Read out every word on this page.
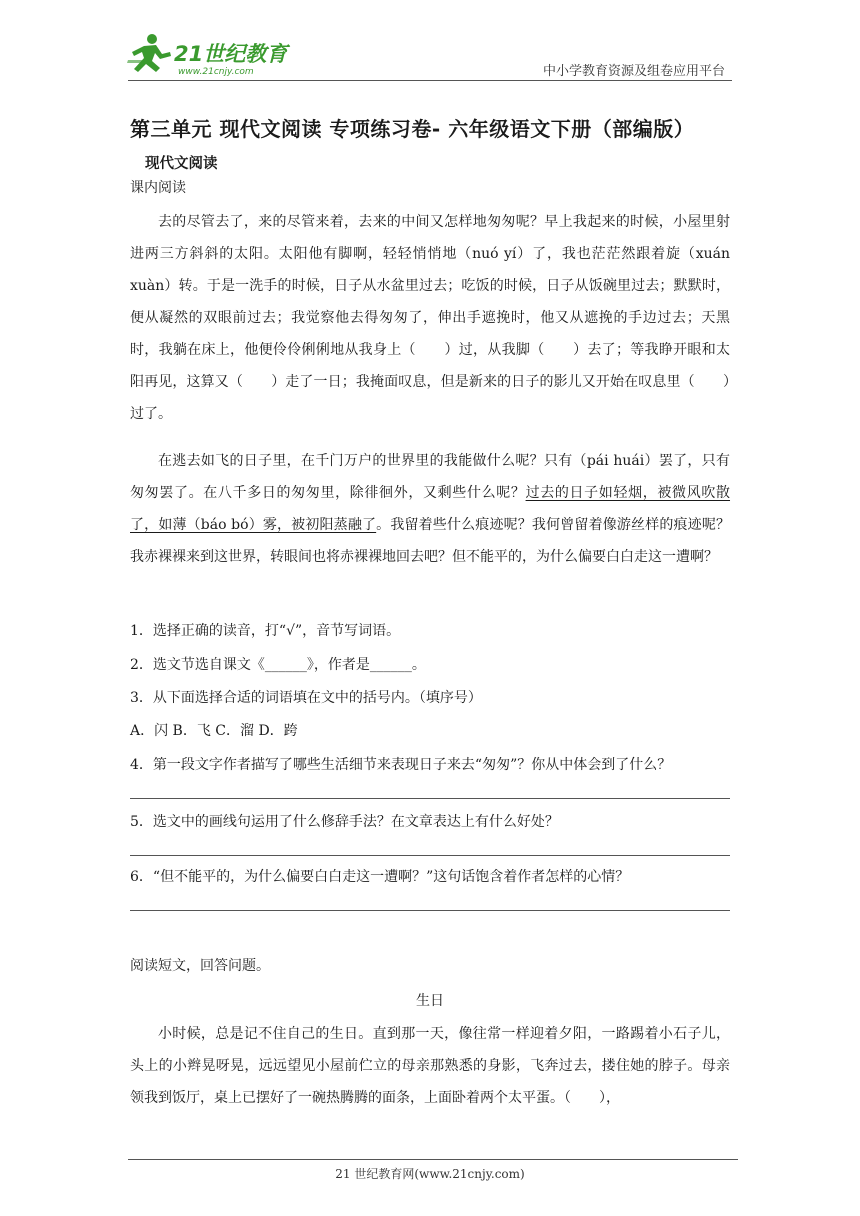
21世纪教育
www.21cnjy.com	中小学教育资源及组卷应用平台
第三单元 现代文阅读 专项练习卷- 六年级语文下册（部编版）
现代文阅读
课内阅读

去的尽管去了，来的尽管来着，去来的中间又怎样地匆匆呢？早上我起来的时候，小屋里射进两三方斜斜的太阳。太阳他有脚啊，轻轻悄悄地（nuó yí）了，我也茫茫然跟着旋（xuán xuàn）转。于是一洗手的时候，日子从水盆里过去；吃饭的时候，日子从饭碗里过去；默默时，便从凝然的双眼前过去；我觉察他去得匆匆了，伸出手遮挽时，他又从遮挽的手边过去；天黑时，我躺在床上，他便伶伶俐俐地从我身上（　　）过，从我脚（　　）去了；等我睁开眼和太阳再见，这算又（　　）走了一日；我掩面叹息，但是新来的日子的影儿又开始在叹息里（　　）过了。

在逃去如飞的日子里，在千门万户的世界里的我能做什么呢？只有（pái huái）罢了，只有匆匆罢了。在八千多日的匆匆里，除徘徊外，又剩些什么呢？过去的日子如轻烟，被微风吹散了，如薄（báo bó）雾，被初阳蒸融了。我留着些什么痕迹呢？我何曾留着像游丝样的痕迹呢？我赤裸裸来到这世界，转眼间也将赤裸裸地回去吧？但不能平的，为什么偏要白白走这一遭啊？

1．选择正确的读音，打“√”，音节写词语。
2．选文节选自课文《______》，作者是______。
3．从下面选择合适的词语填在文中的括号内。（填序号）
A．闪 B．飞 C．溜 D．跨
4．第一段文字作者描写了哪些生活细节来表现日子来去“匆匆”？你从中体会到了什么？
5．选文中的画线句运用了什么修辞手法？在文章表达上有什么好处？
6．“但不能平的，为什么偏要白白走这一遭啊？”这句话饱含着作者怎样的心情？
阅读短文，回答问题。
生日

小时候，总是记不住自己的生日。直到那一天，像往常一样迎着夕阳，一路踢着小石子儿，头上的小辫晃呀晃，远远望见小屋前伫立的母亲那熟悉的身影，飞奔过去，搂住她的脖子。母亲领我到饭厅，桌上已摆好了一碗热腾腾的面条，上面卧着两个太平蛋。（　　），

21 世纪教育网(www.21cnjy.com)
